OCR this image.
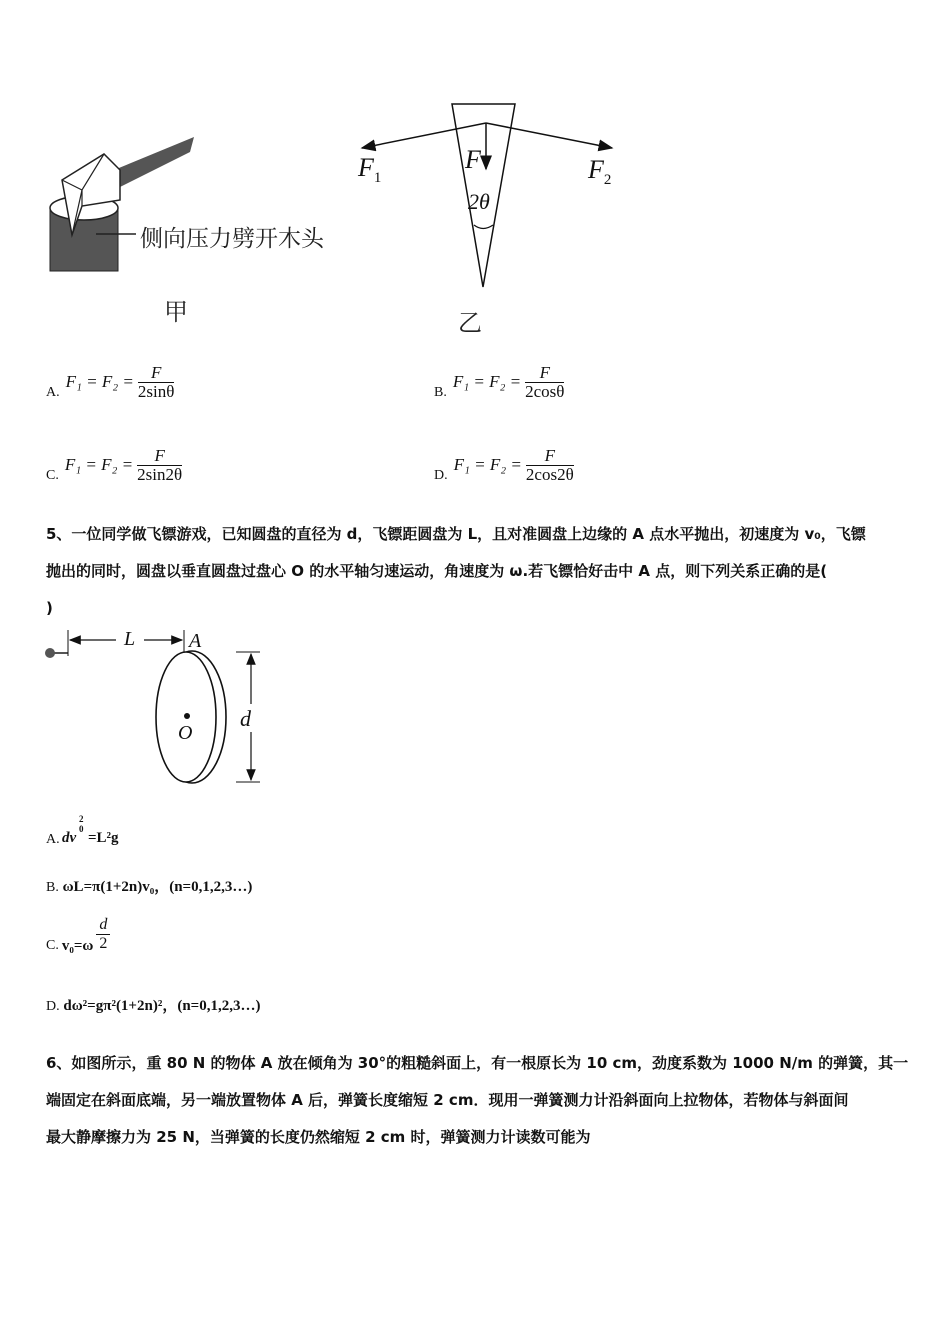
侧向压力劈开木头
甲
$F_1$
F	$F_2$
2θ
乙
A.
$F_1 = F_2 = \frac{F}{2\sin\theta}$	B.
$F_1 = F_2 = \frac{F}{2\cos\theta}$
C.
$F_1 = F_2 = \frac{F}{2\sin 2\theta}$	D.
$F_1 = F_2 = \frac{F}{2\cos 2\theta}$
5、一位同学做飞镖游戏，已知圆盘的直径为 d，飞镖距圆盘为 L，且对准圆盘上边缘的 A 点水平抛出，初速度为 v₀，飞镖
抛出的同时，圆盘以垂直圆盘过盘心 O 的水平轴匀速运动，角速度为 ω.若飞镖恰好击中 A 点，则下列关系正确的是(
)
L	A
d
O
A. dv
2
0
=L²g
B. ωL=π(1+2n)v₀，(n=0,1,2,3…)
C. $v_0=\omega \frac{d}{2}$
D. dω²=gπ²(1+2n)²，(n=0,1,2,3…)
6、如图所示，重 80 N 的物体 A 放在倾角为 30°的粗糙斜面上，有一根原长为 10 cm，劲度系数为 1000 N/m 的弹簧，其一
端固定在斜面底端，另一端放置物体 A 后，弹簧长度缩短 2 cm．现用一弹簧测力计沿斜面向上拉物体，若物体与斜面间
最大静摩擦力为 25 N，当弹簧的长度仍然缩短 2 cm 时，弹簧测力计读数可能为
